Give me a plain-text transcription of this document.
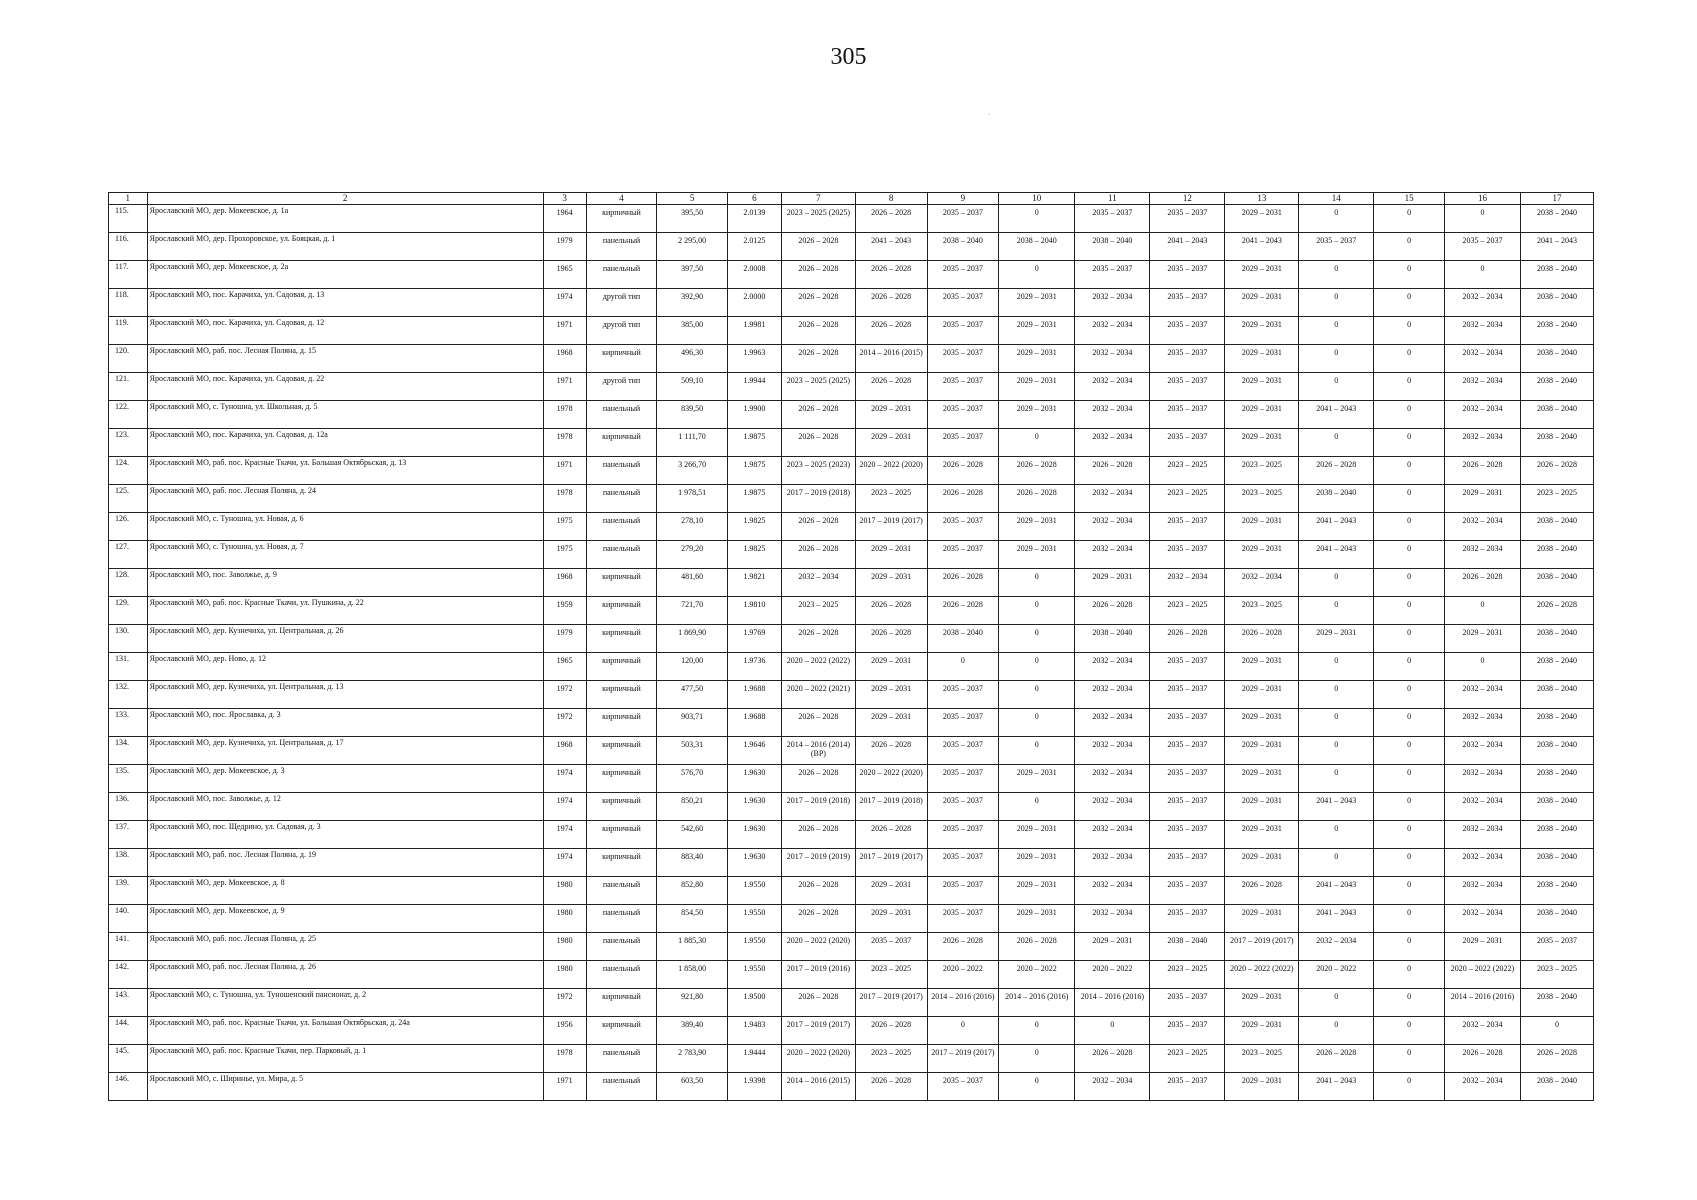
305
.
1	2	3	4	5	6	7	8	9	10	11	12	13	14	15	16	17
115.	Ярославский МО, дер. Мокеевское, д. 1а	1964	кирпичный	395,50	2.0139	2023 – 2025 (2025)	2026 – 2028	2035 – 2037	0	2035 – 2037	2035 – 2037	2029 – 2031	0	0	0	2038 – 2040
116.	Ярославский МО, дер. Прохоровское, ул. Бояцкая, д. 1	1979	панельный	2 295,00	2.0125	2026 – 2028	2041 – 2043	2038 – 2040	2038 – 2040	2038 – 2040	2041 – 2043	2041 – 2043	2035 – 2037	0	2035 – 2037	2041 – 2043
117.	Ярославский МО, дер. Мокеевское, д. 2а	1965	панельный	397,50	2.0008	2026 – 2028	2026 – 2028	2035 – 2037	0	2035 – 2037	2035 – 2037	2029 – 2031	0	0	0	2038 – 2040
118.	Ярославский МО, пос. Карачиха, ул. Садовая, д. 13	1974	другой тип	392,90	2.0000	2026 – 2028	2026 – 2028	2035 – 2037	2029 – 2031	2032 – 2034	2035 – 2037	2029 – 2031	0	0	2032 – 2034	2038 – 2040
119.	Ярославский МО, пос. Карачиха, ул. Садовая, д. 12	1971	другой тип	385,00	1.9981	2026 – 2028	2026 – 2028	2035 – 2037	2029 – 2031	2032 – 2034	2035 – 2037	2029 – 2031	0	0	2032 – 2034	2038 – 2040
120.	Ярославский МО, раб. пос. Лесная Поляна, д. 15	1968	кирпичный	496,30	1.9963	2026 – 2028	2014 – 2016 (2015)	2035 – 2037	2029 – 2031	2032 – 2034	2035 – 2037	2029 – 2031	0	0	2032 – 2034	2038 – 2040
121.	Ярославский МО, пос. Карачиха, ул. Садовая, д. 22	1971	другой тип	509,10	1.9944	2023 – 2025 (2025)	2026 – 2028	2035 – 2037	2029 – 2031	2032 – 2034	2035 – 2037	2029 – 2031	0	0	2032 – 2034	2038 – 2040
122.	Ярославский МО, с. Туношна, ул. Школьная, д. 5	1978	панельный	839,50	1.9900	2026 – 2028	2029 – 2031	2035 – 2037	2029 – 2031	2032 – 2034	2035 – 2037	2029 – 2031	2041 – 2043	0	2032 – 2034	2038 – 2040
123.	Ярославский МО, пос. Карачиха, ул. Садовая, д. 12а	1978	кирпичный	1 111,70	1.9875	2026 – 2028	2029 – 2031	2035 – 2037	0	2032 – 2034	2035 – 2037	2029 – 2031	0	0	2032 – 2034	2038 – 2040
124.	Ярославский МО, раб. пос. Красные Ткачи, ул. Большая Октябрьская, д. 13	1971	панельный	3 266,70	1.9875	2023 – 2025 (2023)	2020 – 2022 (2020)	2026 – 2028	2026 – 2028	2026 – 2028	2023 – 2025	2023 – 2025	2026 – 2028	0	2026 – 2028	2026 – 2028
125.	Ярославский МО, раб. пос. Лесная Поляна, д. 24	1978	панельный	1 978,51	1.9875	2017 – 2019 (2018)	2023 – 2025	2026 – 2028	2026 – 2028	2032 – 2034	2023 – 2025	2023 – 2025	2038 – 2040	0	2029 – 2031	2023 – 2025
126.	Ярославский МО, с. Туношна, ул. Новая, д. 6	1975	панельный	278,10	1.9825	2026 – 2028	2017 – 2019 (2017)	2035 – 2037	2029 – 2031	2032 – 2034	2035 – 2037	2029 – 2031	2041 – 2043	0	2032 – 2034	2038 – 2040
127.	Ярославский МО, с. Туношна, ул. Новая, д. 7	1975	панельный	279,20	1.9825	2026 – 2028	2029 – 2031	2035 – 2037	2029 – 2031	2032 – 2034	2035 – 2037	2029 – 2031	2041 – 2043	0	2032 – 2034	2038 – 2040
128.	Ярославский МО, пос. Заволжье, д. 9	1968	кирпичный	481,60	1.9821	2032 – 2034	2029 – 2031	2026 – 2028	0	2029 – 2031	2032 – 2034	2032 – 2034	0	0	2026 – 2028	2038 – 2040
129.	Ярославский МО, раб. пос. Красные Ткачи, ул. Пушкина, д. 22	1959	кирпичный	721,70	1.9810	2023 – 2025	2026 – 2028	2026 – 2028	0	2026 – 2028	2023 – 2025	2023 – 2025	0	0	0	2026 – 2028
130.	Ярославский МО, дер. Кузнечиха, ул. Центральная, д. 26	1979	кирпичный	1 869,90	1.9769	2026 – 2028	2026 – 2028	2038 – 2040	0	2038 – 2040	2026 – 2028	2026 – 2028	2029 – 2031	0	2029 – 2031	2038 – 2040
131.	Ярославский МО, дер. Ново, д. 12	1965	кирпичный	120,00	1.9736	2020 – 2022 (2022)	2029 – 2031	0	0	2032 – 2034	2035 – 2037	2029 – 2031	0	0	0	2038 – 2040
132.	Ярославский МО, дер. Кузнечиха, ул. Центральная, д. 13	1972	кирпичный	477,50	1.9688	2020 – 2022 (2021)	2029 – 2031	2035 – 2037	0	2032 – 2034	2035 – 2037	2029 – 2031	0	0	2032 – 2034	2038 – 2040
133.	Ярославский МО, пос. Ярославка, д. 3	1972	кирпичный	903,71	1.9688	2026 – 2028	2029 – 2031	2035 – 2037	0	2032 – 2034	2035 – 2037	2029 – 2031	0	0	2032 – 2034	2038 – 2040
134.	Ярославский МО, дер. Кузнечиха, ул. Центральная, д. 17	1968	кирпичный	503,31	1.9646	2014 – 2016 (2014) (ВР)	2026 – 2028	2035 – 2037	0	2032 – 2034	2035 – 2037	2029 – 2031	0	0	2032 – 2034	2038 – 2040
135.	Ярославский МО, дер. Мокеевское, д. 3	1974	кирпичный	576,70	1.9630	2026 – 2028	2020 – 2022 (2020)	2035 – 2037	2029 – 2031	2032 – 2034	2035 – 2037	2029 – 2031	0	0	2032 – 2034	2038 – 2040
136.	Ярославский МО, пос. Заволжье, д. 12	1974	кирпичный	850,21	1.9630	2017 – 2019 (2018)	2017 – 2019 (2018)	2035 – 2037	0	2032 – 2034	2035 – 2037	2029 – 2031	2041 – 2043	0	2032 – 2034	2038 – 2040
137.	Ярославский МО, пос. Щедрино, ул. Садовая, д. 3	1974	кирпичный	542,60	1.9630	2026 – 2028	2026 – 2028	2035 – 2037	2029 – 2031	2032 – 2034	2035 – 2037	2029 – 2031	0	0	2032 – 2034	2038 – 2040
138.	Ярославский МО, раб. пос. Лесная Поляна, д. 19	1974	кирпичный	883,40	1.9630	2017 – 2019 (2019)	2017 – 2019 (2017)	2035 – 2037	2029 – 2031	2032 – 2034	2035 – 2037	2029 – 2031	0	0	2032 – 2034	2038 – 2040
139.	Ярославский МО, дер. Мокеевское, д. 8	1980	панельный	852,80	1.9550	2026 – 2028	2029 – 2031	2035 – 2037	2029 – 2031	2032 – 2034	2035 – 2037	2026 – 2028	2041 – 2043	0	2032 – 2034	2038 – 2040
140.	Ярославский МО, дер. Мокеевское, д. 9	1980	панельный	854,50	1.9550	2026 – 2028	2029 – 2031	2035 – 2037	2029 – 2031	2032 – 2034	2035 – 2037	2029 – 2031	2041 – 2043	0	2032 – 2034	2038 – 2040
141.	Ярославский МО, раб. пос. Лесная Поляна, д. 25	1980	панельный	1 885,30	1.9550	2020 – 2022 (2020)	2035 – 2037	2026 – 2028	2026 – 2028	2029 – 2031	2038 – 2040	2017 – 2019 (2017)	2032 – 2034	0	2029 – 2031	2035 – 2037
142.	Ярославский МО, раб. пос. Лесная Поляна, д. 26	1980	панельный	1 858,00	1.9550	2017 – 2019 (2016)	2023 – 2025	2020 – 2022	2020 – 2022	2020 – 2022	2023 – 2025	2020 – 2022 (2022)	2020 – 2022	0	2020 – 2022 (2022)	2023 – 2025
143.	Ярославский МО, с. Туношна, ул. Туношенский пансионат, д. 2	1972	кирпичный	921,80	1.9500	2026 – 2028	2017 – 2019 (2017)	2014 – 2016 (2016)	2014 – 2016 (2016)	2014 – 2016 (2016)	2035 – 2037	2029 – 2031	0	0	2014 – 2016 (2016)	2038 – 2040
144.	Ярославский МО, раб. пос. Красные Ткачи, ул. Большая Октябрьская, д. 24а	1956	кирпичный	389,40	1.9483	2017 – 2019 (2017)	2026 – 2028	0	0	0	2035 – 2037	2029 – 2031	0	0	2032 – 2034	0
145.	Ярославский МО, раб. пос. Красные Ткачи, пер. Парковый, д. 1	1978	панельный	2 783,90	1.9444	2020 – 2022 (2020)	2023 – 2025	2017 – 2019 (2017)	0	2026 – 2028	2023 – 2025	2023 – 2025	2026 – 2028	0	2026 – 2028	2026 – 2028
146.	Ярославский МО, с. Ширинье, ул. Мира, д. 5	1971	панельный	603,50	1.9398	2014 – 2016 (2015)	2026 – 2028	2035 – 2037	0	2032 – 2034	2035 – 2037	2029 – 2031	2041 – 2043	0	2032 – 2034	2038 – 2040
